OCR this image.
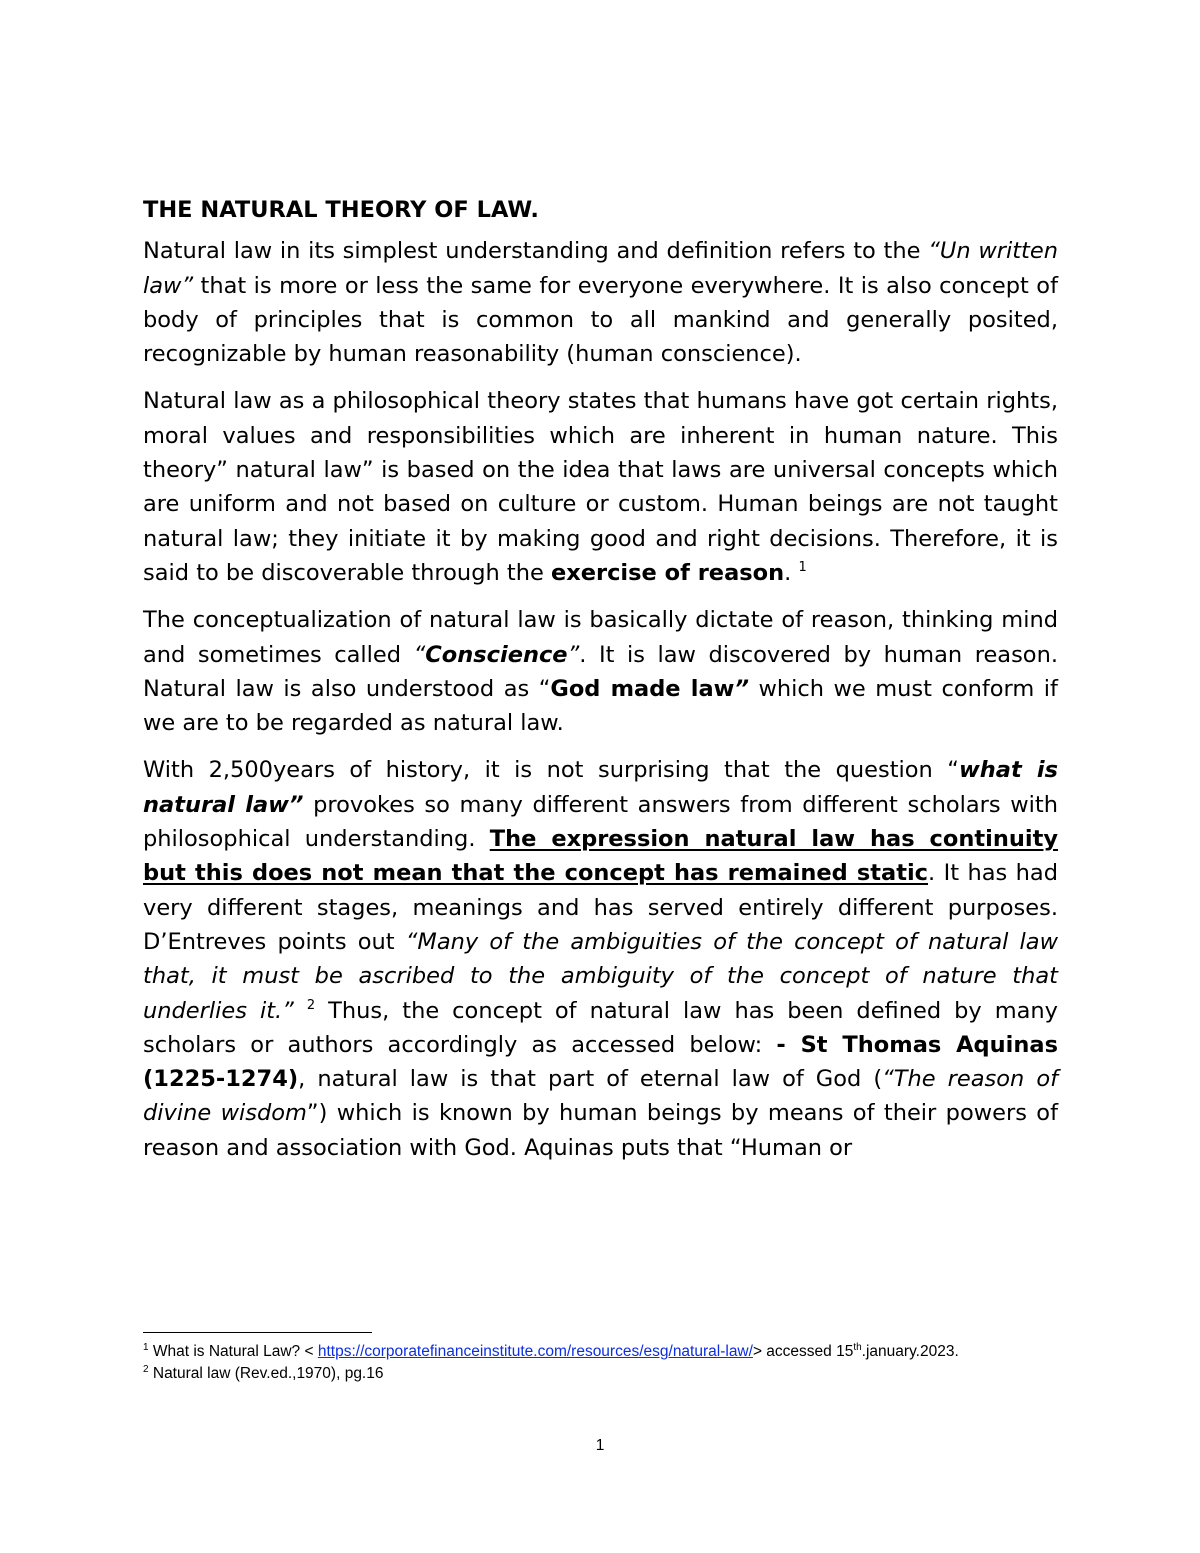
THE NATURAL THEORY OF LAW.

Natural law in its simplest understanding and definition refers to the “Un written law” that is more or less the same for everyone everywhere. It is also concept of body of principles that is common to all mankind and generally posited, recognizable by human reasonability (human conscience).

Natural law as a philosophical theory states that humans have got certain rights, moral values and responsibilities which are inherent in human nature. This theory” natural law” is based on the idea that laws are universal concepts which are uniform and not based on culture or custom. Human beings are not taught natural law; they initiate it by making good and right decisions. Therefore, it is said to be discoverable through the exercise of reason. $^1$

The conceptualization of natural law is basically dictate of reason, thinking mind and sometimes called “Conscience”. It is law discovered by human reason. Natural law is also understood as “God made law” which we must conform if we are to be regarded as natural law.

With 2,500years of history, it is not surprising that the question “what is natural law” provokes so many different answers from different scholars with philosophical understanding. The expression natural law has continuity but this does not mean that the concept has remained static. It has had very different stages, meanings and has served entirely different purposes. D’Entreves points out “Many of the ambiguities of the concept of natural law that, it must be ascribed to the ambiguity of the concept of nature that underlies it.” $^2$ Thus, the concept of natural law has been defined by many scholars or authors accordingly as accessed below: - St Thomas Aquinas (1225-1274), natural law is that part of eternal law of God (“The reason of divine wisdom”) which is known by human beings by means of their powers of reason and association with God. Aquinas puts that “Human or

$^1$ What is Natural Law? < https://corporatefinanceinstitute.com/resources/esg/natural-law/> accessed 15th.january.2023.

$^2$ Natural law (Rev.ed.,1970), pg.16

1
